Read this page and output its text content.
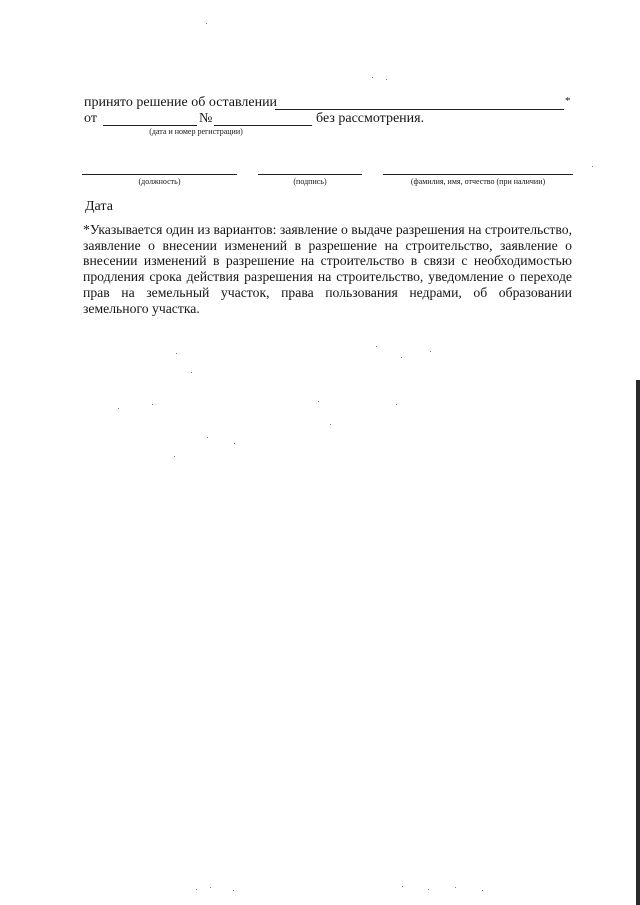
принято решение об оставлении	*
от	№	без рассмотрения.
(дата и номер регистрации)
(должность)	(подпись)	(фамилия, имя, отчество (при наличии)
Дата
*Указывается один из вариантов: заявление о выдаче разрешения на строительство, заявление о внесении изменений в разрешение на строительство, заявление о внесении изменений в разрешение на строительство в связи с необходимостью продления срока действия разрешения на строительство, уведомление о переходе прав на земельный участок, права пользования недрами, об образовании земельного участка.
